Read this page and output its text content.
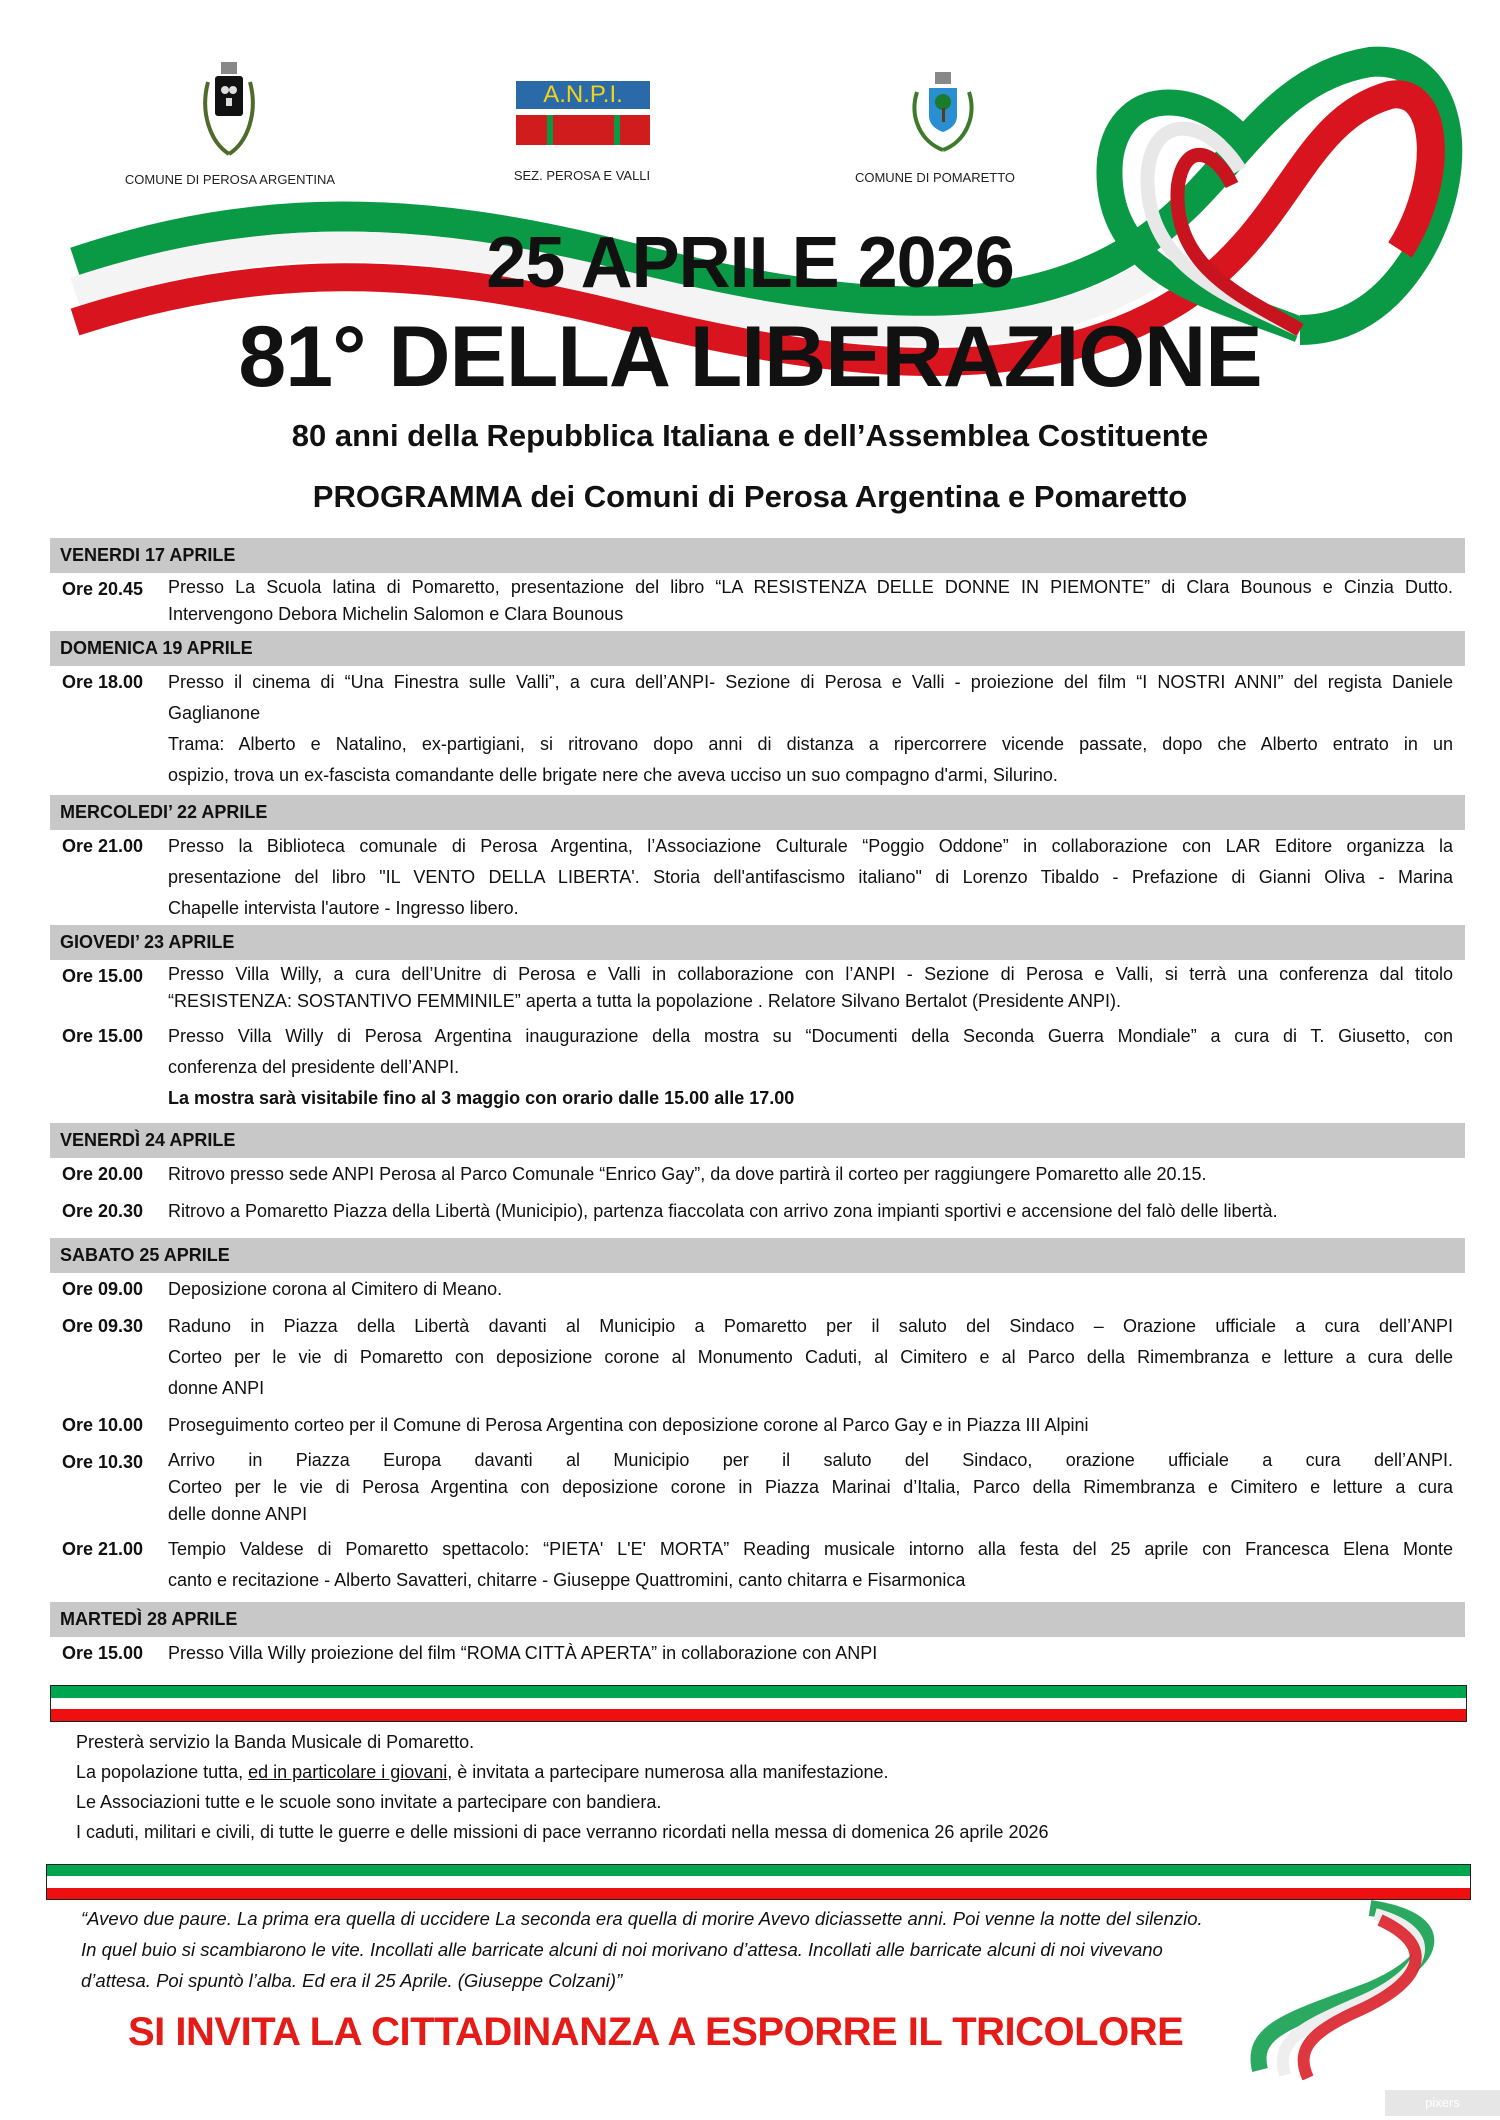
COMUNE DI PEROSA ARGENTINA
A.N.P.I.
SEZ. PEROSA E VALLI	COMUNE DI POMARETTO
25 APRILE 2026
81° DELLA LIBERAZIONE
80 anni della Repubblica Italiana e dell’Assemblea Costituente
PROGRAMMA dei Comuni di Perosa Argentina e Pomaretto
VENERDI 17 APRILE
Ore 20.45	Presso La Scuola latina di Pomaretto, presentazione del libro “LA RESISTENZA DELLE DONNE IN PIEMONTE” di Clara Bounous e Cinzia Dutto.
Intervengono Debora Michelin Salomon e Clara Bounous
DOMENICA 19 APRILE
Ore 18.00	Presso il cinema di “Una Finestra sulle Valli”, a cura dell’ANPI- Sezione di Perosa e Valli - proiezione del film “I NOSTRI ANNI” del regista Daniele
Gaglianone
Trama: Alberto e Natalino, ex-partigiani, si ritrovano dopo anni di distanza a ripercorrere vicende passate, dopo che Alberto entrato in un
ospizio, trova un ex-fascista comandante delle brigate nere che aveva ucciso un suo compagno d'armi, Silurino.
MERCOLEDI’ 22 APRILE
Ore 21.00	Presso la Biblioteca comunale di Perosa Argentina, l’Associazione Culturale “Poggio Oddone” in collaborazione con LAR Editore organizza la
presentazione del libro "IL VENTO DELLA LIBERTA'. Storia dell'antifascismo italiano" di Lorenzo Tibaldo - Prefazione di Gianni Oliva - Marina
Chapelle intervista l'autore - Ingresso libero.
GIOVEDI’ 23 APRILE
Ore 15.00	Presso Villa Willy, a cura dell’Unitre di Perosa e Valli in collaborazione con l’ANPI - Sezione di Perosa e Valli, si terrà una conferenza dal titolo
“RESISTENZA: SOSTANTIVO FEMMINILE” aperta a tutta la popolazione . Relatore Silvano Bertalot (Presidente ANPI).
Ore 15.00	Presso Villa Willy di Perosa Argentina inaugurazione della mostra su “Documenti della Seconda Guerra Mondiale” a cura di T. Giusetto, con
conferenza del presidente dell’ANPI.
La mostra sarà visitabile fino al 3 maggio con orario dalle 15.00 alle 17.00
VENERDÌ 24 APRILE
Ore 20.00	Ritrovo presso sede ANPI Perosa al Parco Comunale “Enrico Gay”, da dove partirà il corteo per raggiungere Pomaretto alle 20.15.
Ore 20.30	Ritrovo a Pomaretto Piazza della Libertà (Municipio), partenza fiaccolata con arrivo zona impianti sportivi e accensione del falò delle libertà.
SABATO 25 APRILE
Ore 09.00	Deposizione corona al Cimitero di Meano.
Ore 09.30	Raduno in Piazza della Libertà davanti al Municipio a Pomaretto per il saluto del Sindaco – Orazione ufficiale a cura dell’ANPI
Corteo per le vie di Pomaretto con deposizione corone al Monumento Caduti, al Cimitero e al Parco della Rimembranza e letture a cura delle
donne ANPI
Ore 10.00	Proseguimento corteo per il Comune di Perosa Argentina con deposizione corone al Parco Gay e in Piazza III Alpini
Ore 10.30	Arrivo in Piazza Europa davanti al Municipio per il saluto del Sindaco, orazione ufficiale a cura dell’ANPI.
Corteo per le vie di Perosa Argentina con deposizione corone in Piazza Marinai d’Italia, Parco della Rimembranza e Cimitero e letture a cura
delle donne ANPI
Ore 21.00	Tempio Valdese di Pomaretto spettacolo: “PIETA' L'E' MORTA” Reading musicale intorno alla festa del 25 aprile con Francesca Elena Monte
canto e recitazione - Alberto Savatteri, chitarre - Giuseppe Quattromini, canto chitarra e Fisarmonica
MARTEDÌ 28 APRILE
Ore 15.00	Presso Villa Willy proiezione del film “ROMA CITTÀ APERTA” in collaborazione con ANPI
Presterà servizio la Banda Musicale di Pomaretto.
La popolazione tutta, ed in particolare i giovani, è invitata a partecipare numerosa alla manifestazione.
Le Associazioni tutte e le scuole sono invitate a partecipare con bandiera.
I caduti, militari e civili, di tutte le guerre e delle missioni di pace verranno ricordati nella messa di domenica 26 aprile 2026
“Avevo due paure. La prima era quella di uccidere La seconda era quella di morire Avevo diciassette anni. Poi venne la notte del silenzio.
In quel buio si scambiarono le vite. Incollati alle barricate alcuni di noi morivano d’attesa. Incollati alle barricate alcuni di noi vivevano
d’attesa. Poi spuntò l’alba. Ed era il 25 Aprile. (Giuseppe Colzani)”
SI INVITA LA CITTADINANZA A ESPORRE IL TRICOLORE
pixers
